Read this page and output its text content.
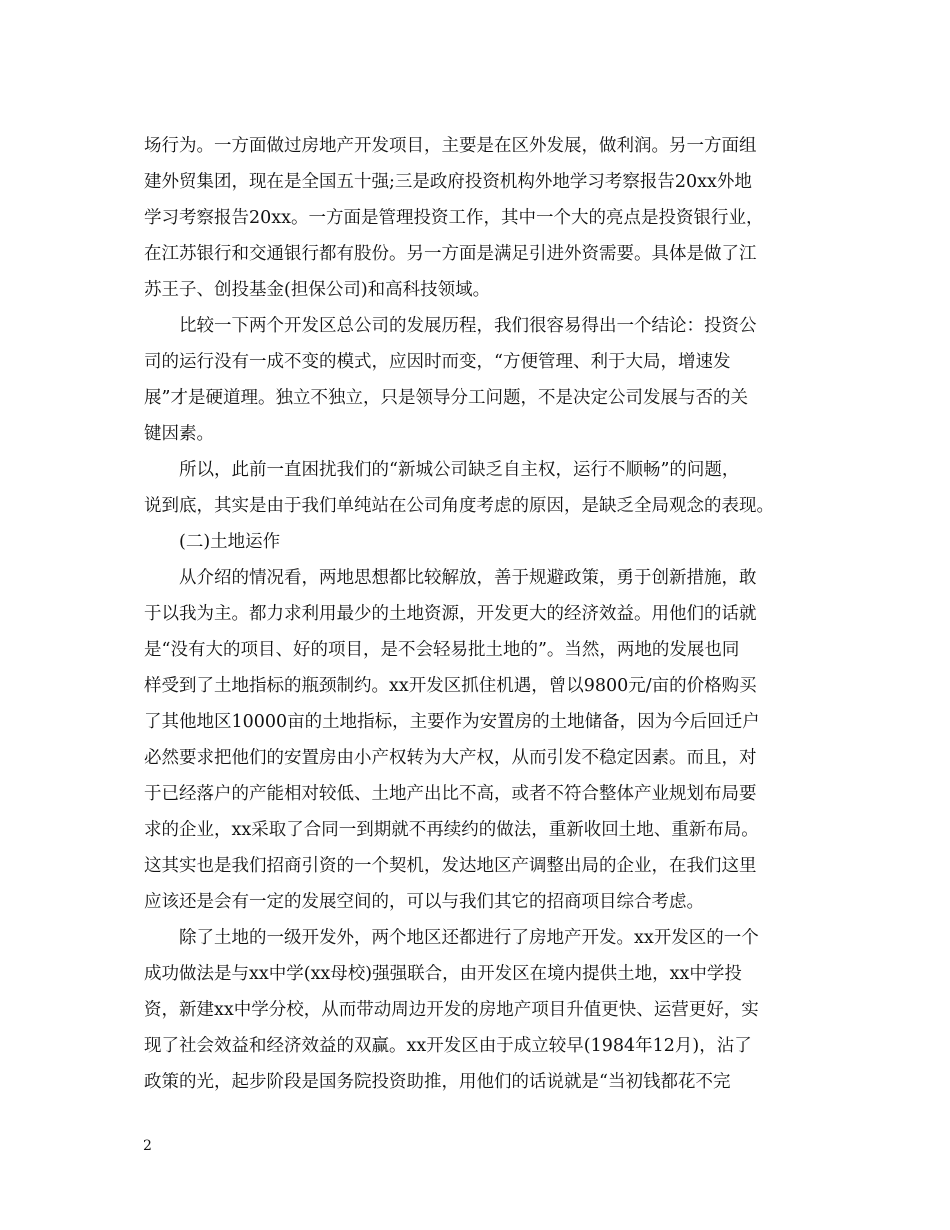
场行为。一方面做过房地产开发项目，主要是在区外发展，做利润。另一方面组
建外贸集团，现在是全国五十强;三是政府投资机构外地学习考察报告20xx外地
学习考察报告20xx。一方面是管理投资工作，其中一个大的亮点是投资银行业，
在江苏银行和交通银行都有股份。另一方面是满足引进外资需要。具体是做了江
苏王子、创投基金(担保公司)和高科技领域。
比较一下两个开发区总公司的发展历程，我们很容易得出一个结论：投资公
司的运行没有一成不变的模式，应因时而变，“方便管理、利于大局，增速发
展”才是硬道理。独立不独立，只是领导分工问题，不是决定公司发展与否的关
键因素。
所以，此前一直困扰我们的“新城公司缺乏自主权，运行不顺畅”的问题，
说到底，其实是由于我们单纯站在公司角度考虑的原因，是缺乏全局观念的表现。
(二)土地运作
从介绍的情况看，两地思想都比较解放，善于规避政策，勇于创新措施，敢
于以我为主。都力求利用最少的土地资源，开发更大的经济效益。用他们的话就
是“没有大的项目、好的项目，是不会轻易批土地的”。当然，两地的发展也同
样受到了土地指标的瓶颈制约。xx开发区抓住机遇，曾以9800元/亩的价格购买
了其他地区10000亩的土地指标，主要作为安置房的土地储备，因为今后回迁户
必然要求把他们的安置房由小产权转为大产权，从而引发不稳定因素。而且，对
于已经落户的产能相对较低、土地产出比不高，或者不符合整体产业规划布局要
求的企业，xx采取了合同一到期就不再续约的做法，重新收回土地、重新布局。
这其实也是我们招商引资的一个契机，发达地区产调整出局的企业，在我们这里
应该还是会有一定的发展空间的，可以与我们其它的招商项目综合考虑。
除了土地的一级开发外，两个地区还都进行了房地产开发。xx开发区的一个
成功做法是与xx中学(xx母校)强强联合，由开发区在境内提供土地，xx中学投
资，新建xx中学分校，从而带动周边开发的房地产项目升值更快、运营更好，实
现了社会效益和经济效益的双赢。xx开发区由于成立较早(1984年12月)，沾了
政策的光，起步阶段是国务院投资助推，用他们的话说就是“当初钱都花不完
2
